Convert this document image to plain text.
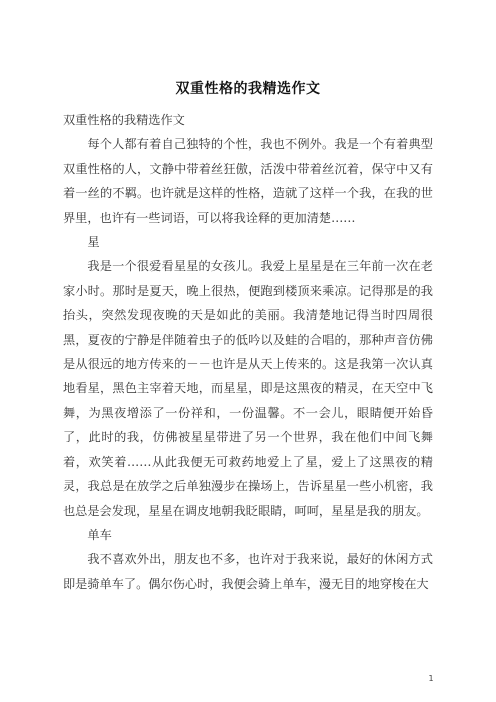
双重性格的我精选作文

双重性格的我精选作文

每个人都有着自己独特的个性，我也不例外。我是一个有着典型双重性格的人，文静中带着丝狂傲，活泼中带着丝沉着，保守中又有着一丝的不羁。也许就是这样的性格，造就了这样一个我，在我的世界里，也许有一些词语，可以将我诠释的更加清楚……

星

我是一个很爱看星星的女孩儿。我爱上星星是在三年前一次在老家小时。那时是夏天，晚上很热，便跑到楼顶来乘凉。记得那是的我抬头，突然发现夜晚的天是如此的美丽。我清楚地记得当时四周很黑，夏夜的宁静是伴随着虫子的低吟以及蛙的合唱的，那种声音仿佛是从很远的地方传来的－－也许是从天上传来的。这是我第一次认真地看星，黑色主宰着天地，而星星，即是这黑夜的精灵，在天空中飞舞，为黑夜增添了一份祥和，一份温馨。不一会儿，眼睛便开始昏了，此时的我，仿佛被星星带进了另一个世界，我在他们中间飞舞着，欢笑着……从此我便无可救药地爱上了星，爱上了这黑夜的精灵，我总是在放学之后单独漫步在操场上，告诉星星一些小机密，我也总是会发现，星星在调皮地朝我眨眼睛，呵呵，星星是我的朋友。

单车

我不喜欢外出，朋友也不多，也许对于我来说，最好的休闲方式即是骑单车了。偶尔伤心时，我便会骑上单车，漫无目的地穿梭在大

1
